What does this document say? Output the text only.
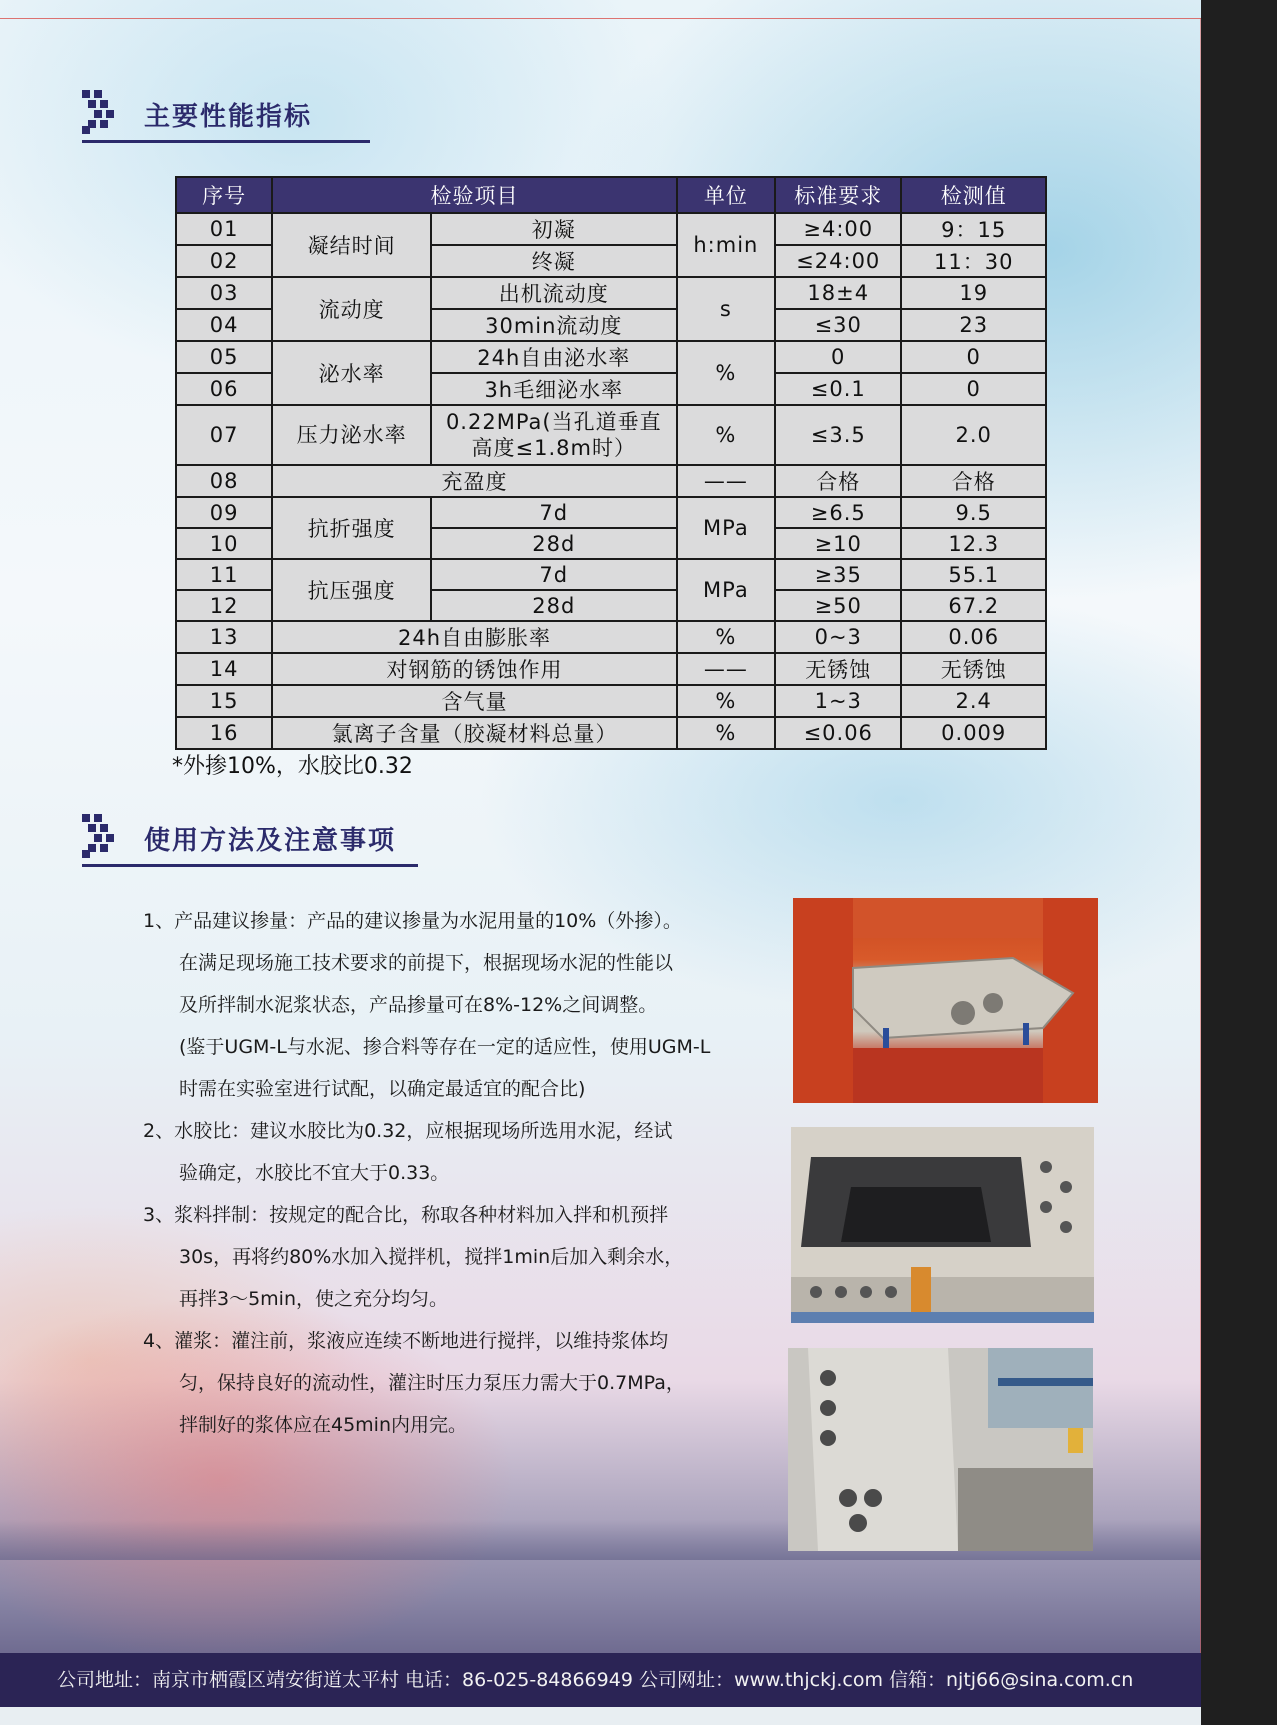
主要性能指标
序号	检验项目		单位	标准要求	检测值
01	凝结时间	初凝	h:min	≥4:00	9：15
02		终凝		≤24:00	11：30
03	流动度	出机流动度	s	18±4	19
04		30min流动度		≤30	23
05	泌水率	24h自由泌水率	%	0	0
06		3h毛细泌水率		≤0.1	0
07	压力泌水率	0.22MPa(当孔道垂直高度≤1.8m时）	%	≤3.5	2.0
08	充盈度		——	合格	合格
09	抗折强度	7d	MPa	≥6.5	9.5
10		28d		≥10	12.3
11	抗压强度	7d	MPa	≥35	55.1
12		28d		≥50	67.2
13	24h自由膨胀率		%	0~3	0.06
14	对钢筋的锈蚀作用		——	无锈蚀	无锈蚀
15	含气量		%	1~3	2.4
16	氯离子含量（胶凝材料总量）		%	≤0.06	0.009
*外掺10%，水胶比0.32
使用方法及注意事项

1、产品建议掺量：产品的建议掺量为水泥用量的10%（外掺）。

在满足现场施工技术要求的前提下，根据现场水泥的性能以

及所拌制水泥浆状态，产品掺量可在8%-12%之间调整。

(鉴于UGM-L与水泥、掺合料等存在一定的适应性，使用UGM-L

时需在实验室进行试配，以确定最适宜的配合比)

2、水胶比：建议水胶比为0.32，应根据现场所选用水泥，经试

验确定，水胶比不宜大于0.33。

3、浆料拌制：按规定的配合比，称取各种材料加入拌和机预拌

30s，再将约80%水加入搅拌机，搅拌1min后加入剩余水，

再拌3～5min，使之充分均匀。

4、灌浆：灌注前，浆液应连续不断地进行搅拌，以维持浆体均

匀，保持良好的流动性，灌注时压力泵压力需大于0.7MPa，

拌制好的浆体应在45min内用完。

公司地址：南京市栖霞区靖安街道太平村 电话：86-025-84866949 公司网址：www.thjckj.com 信箱：njtj66@sina.com.cn
